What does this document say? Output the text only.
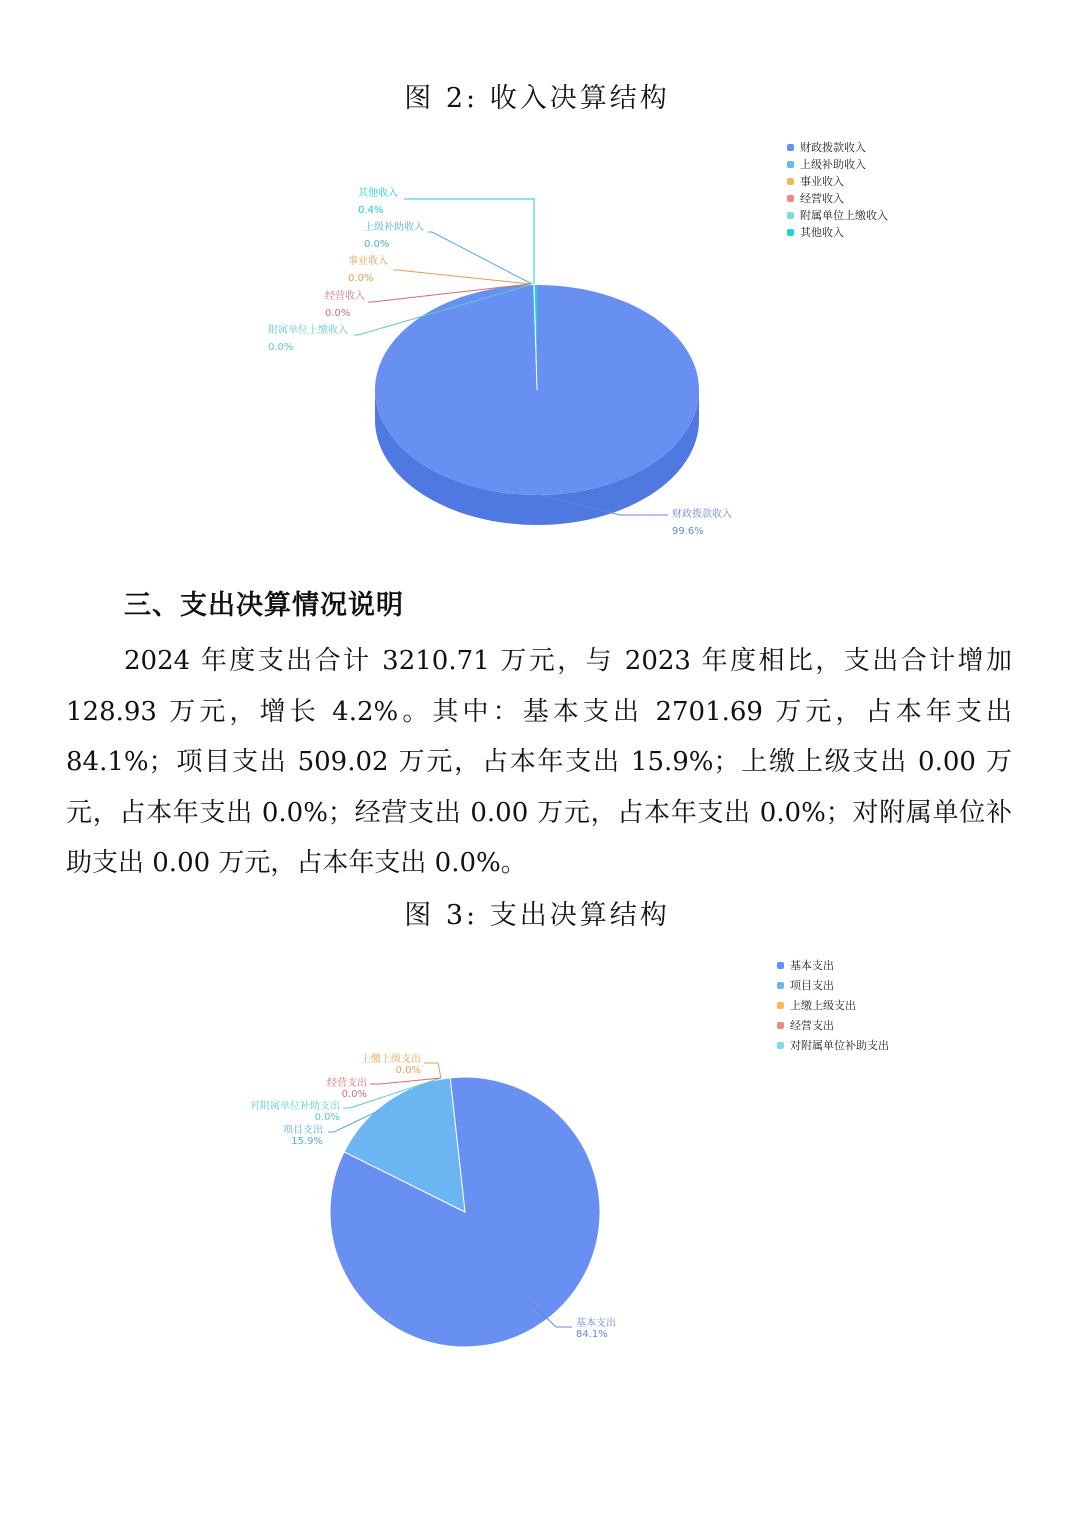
图 2: 收入决算结构
财政拨款收入
上级补助收入
事业收入
经营收入
附属单位上缴收入
其他收入
其他收入
0.4%
上级补助收入
0.0%
事业收入
0.0%
经营收入
0.0%
附属单位上缴收入
0.0%
财政拨款收入
99.6%
三、支出决算情况说明
2024 年度支出合计 3210.71 万元，与 2023 年度相比，支出合计增加 128.93 万元，增长 4.2%。其中：基本支出 2701.69 万元，占本年支出 84.1%；项目支出 509.02 万元，占本年支出 15.9%；上缴上级支出 0.00 万元，占本年支出 0.0%；经营支出 0.00 万元，占本年支出 0.0%；对附属单位补助支出 0.00 万元，占本年支出 0.0%。
图 3: 支出决算结构
基本支出
项目支出
上缴上级支出
经营支出
对附属单位补助支出
上缴上级支出
0.0%
经营支出
0.0%
对附属单位补助支出
0.0%
项目支出
15.9%
基本支出
84.1%
